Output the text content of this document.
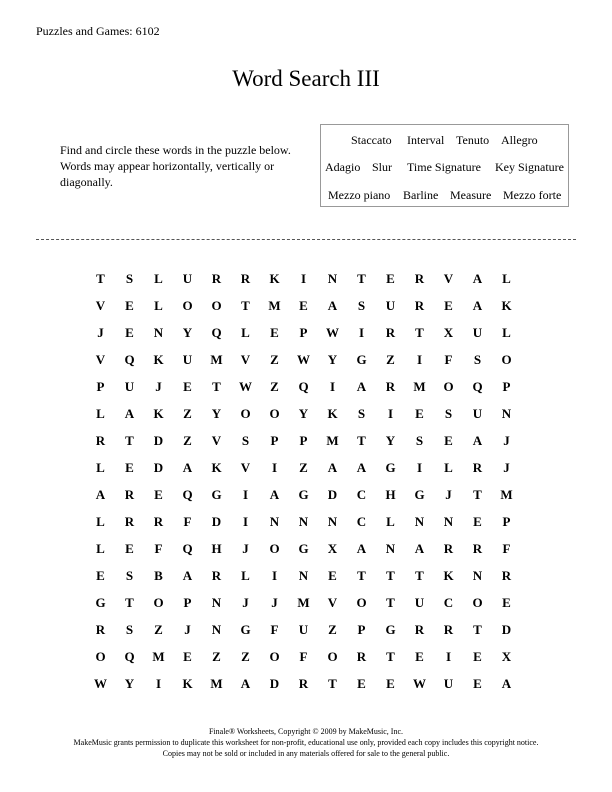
Puzzles and Games: 6102
Word Search III
Find and circle these words in the puzzle below. Words may appear horizontally, vertically or diagonally.
Staccato Interval Tenuto Allegro
Adagio Slur Time Signature Key Signature
Mezzo piano Barline Measure Mezzo forte
T	S	L	U	R	R	K	I	N	T	E	R	V	A	L
V	E	L	O	O	T	M	E	A	S	U	R	E	A	K
J	E	N	Y	Q	L	E	P	W	I	R	T	X	U	L
V	Q	K	U	M	V	Z	W	Y	G	Z	I	F	S	O
P	U	J	E	T	W	Z	Q	I	A	R	M	O	Q	P
L	A	K	Z	Y	O	O	Y	K	S	I	E	S	U	N
R	T	D	Z	V	S	P	P	M	T	Y	S	E	A	J
L	E	D	A	K	V	I	Z	A	A	G	I	L	R	J
A	R	E	Q	G	I	A	G	D	C	H	G	J	T	M
L	R	R	F	D	I	N	N	N	C	L	N	N	E	P
L	E	F	Q	H	J	O	G	X	A	N	A	R	R	F
E	S	B	A	R	L	I	N	E	T	T	T	K	N	R
G	T	O	P	N	J	J	M	V	O	T	U	C	O	E
R	S	Z	J	N	G	F	U	Z	P	G	R	R	T	D
O	Q	M	E	Z	Z	O	F	O	R	T	E	I	E	X
W	Y	I	K	M	A	D	R	T	E	E	W	U	E	A
Finale® Worksheets, Copyright © 2009 by MakeMusic, Inc.
MakeMusic grants permission to duplicate this worksheet for non-profit, educational use only, provided each copy includes this copyright notice.
Copies may not be sold or included in any materials offered for sale to the general public.
